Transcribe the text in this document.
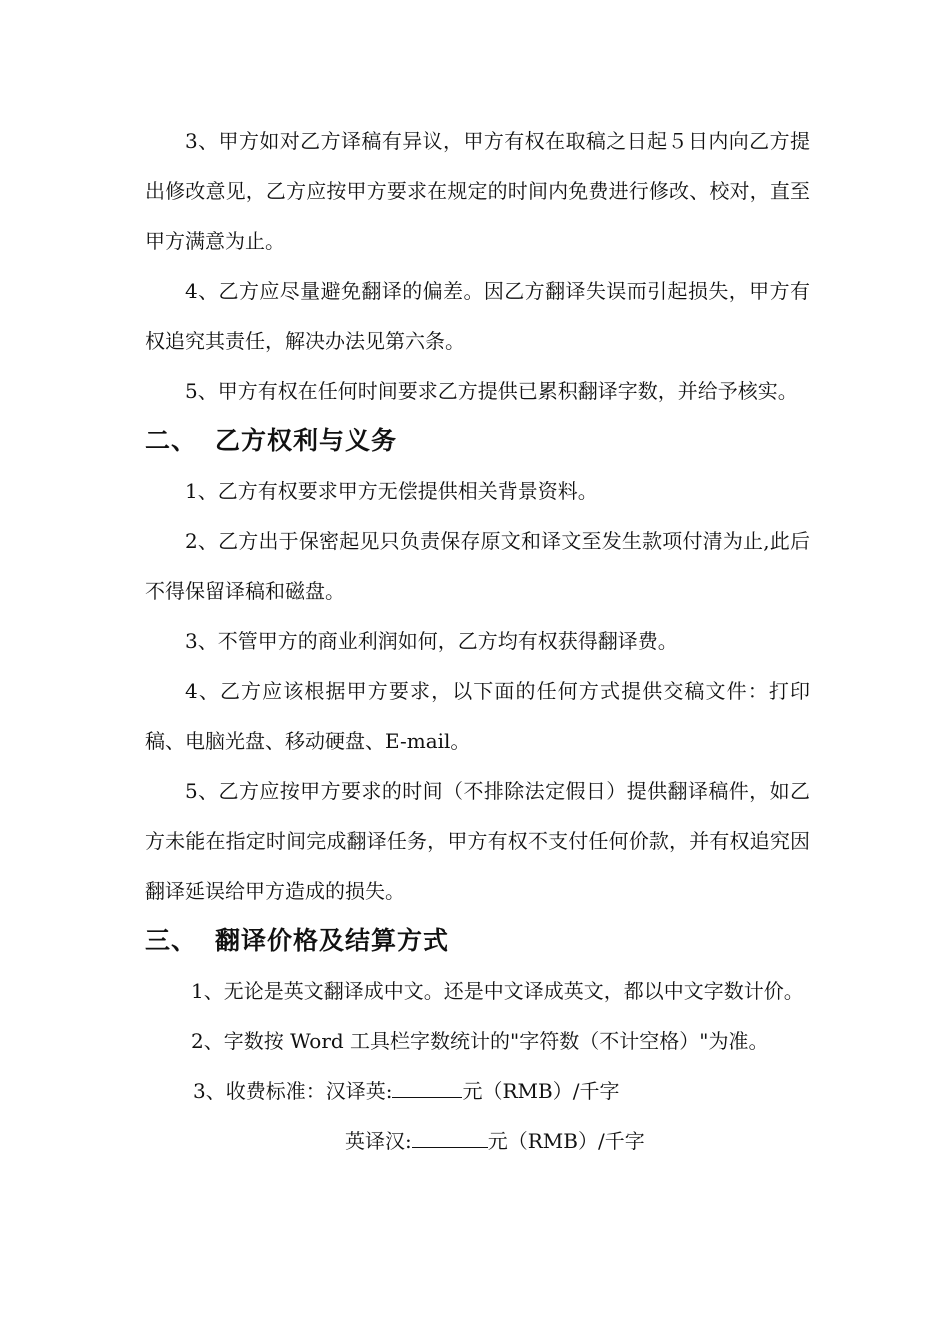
3、甲方如对乙方译稿有异议，甲方有权在取稿之日起５日内向乙方提出修改意见，乙方应按甲方要求在规定的时间内免费进行修改、校对，直至甲方满意为止。

4、乙方应尽量避免翻译的偏差。因乙方翻译失误而引起损失，甲方有权追究其责任，解决办法见第六条。

5、甲方有权在任何时间要求乙方提供已累积翻译字数，并给予核实。

二、 乙方权利与义务

1、乙方有权要求甲方无偿提供相关背景资料。

2、乙方出于保密起见只负责保存原文和译文至发生款项付清为止,此后不得保留译稿和磁盘。

3、不管甲方的商业利润如何，乙方均有权获得翻译费。

4、乙方应该根据甲方要求，以下面的任何方式提供交稿文件：打印稿、电脑光盘、移动硬盘、E-mail。

5、乙方应按甲方要求的时间（不排除法定假日）提供翻译稿件，如乙方未能在指定时间完成翻译任务，甲方有权不支付任何价款，并有权追究因翻译延误给甲方造成的损失。

三、 翻译价格及结算方式

1、无论是英文翻译成中文。还是中文译成英文，都以中文字数计价。

2、字数按 Word 工具栏字数统计的"字符数（不计空格）"为准。

3、收费标准：汉译英:	元（RMB）/千字

英译汉:	元（RMB）/千字
